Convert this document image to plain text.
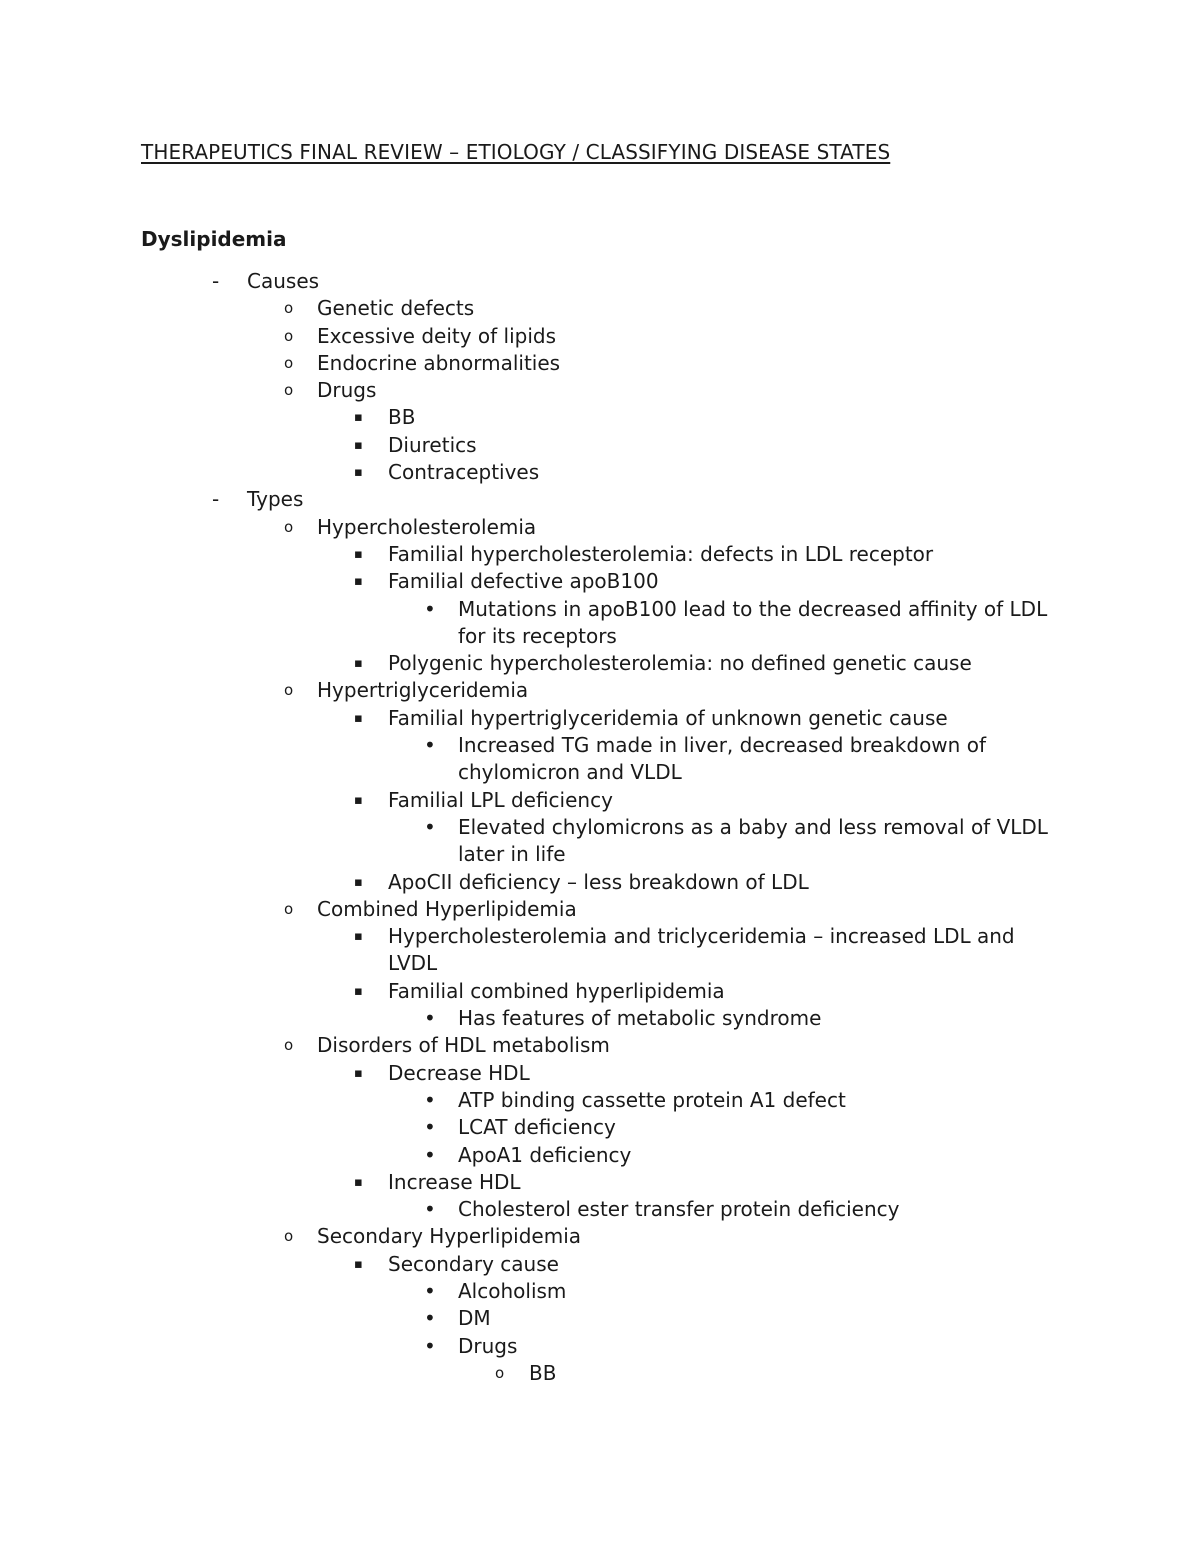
THERAPEUTICS FINAL REVIEW – ETIOLOGY / CLASSIFYING DISEASE STATES
Dyslipidemia
- Causes
o Genetic defects
o Excessive deity of lipids
o Endocrine abnormalities
o Drugs
▪ BB
▪ Diuretics
▪ Contraceptives
- Types
o Hypercholesterolemia
▪ Familial hypercholesterolemia: defects in LDL receptor
▪ Familial defective apoB100
• Mutations in apoB100 lead to the decreased affinity of LDL for its receptors
▪ Polygenic hypercholesterolemia: no defined genetic cause
o Hypertriglyceridemia
▪ Familial hypertriglyceridemia of unknown genetic cause
• Increased TG made in liver, decreased breakdown of chylomicron and VLDL
▪ Familial LPL deficiency
• Elevated chylomicrons as a baby and less removal of VLDL later in life
▪ ApoCII deficiency – less breakdown of LDL
o Combined Hyperlipidemia
▪ Hypercholesterolemia and triclyceridemia – increased LDL and LVDL
▪ Familial combined hyperlipidemia
• Has features of metabolic syndrome
o Disorders of HDL metabolism
▪ Decrease HDL
• ATP binding cassette protein A1 defect
• LCAT deficiency
• ApoA1 deficiency
▪ Increase HDL
• Cholesterol ester transfer protein deficiency
o Secondary Hyperlipidemia
▪ Secondary cause
• Alcoholism
• DM
• Drugs
o BB
